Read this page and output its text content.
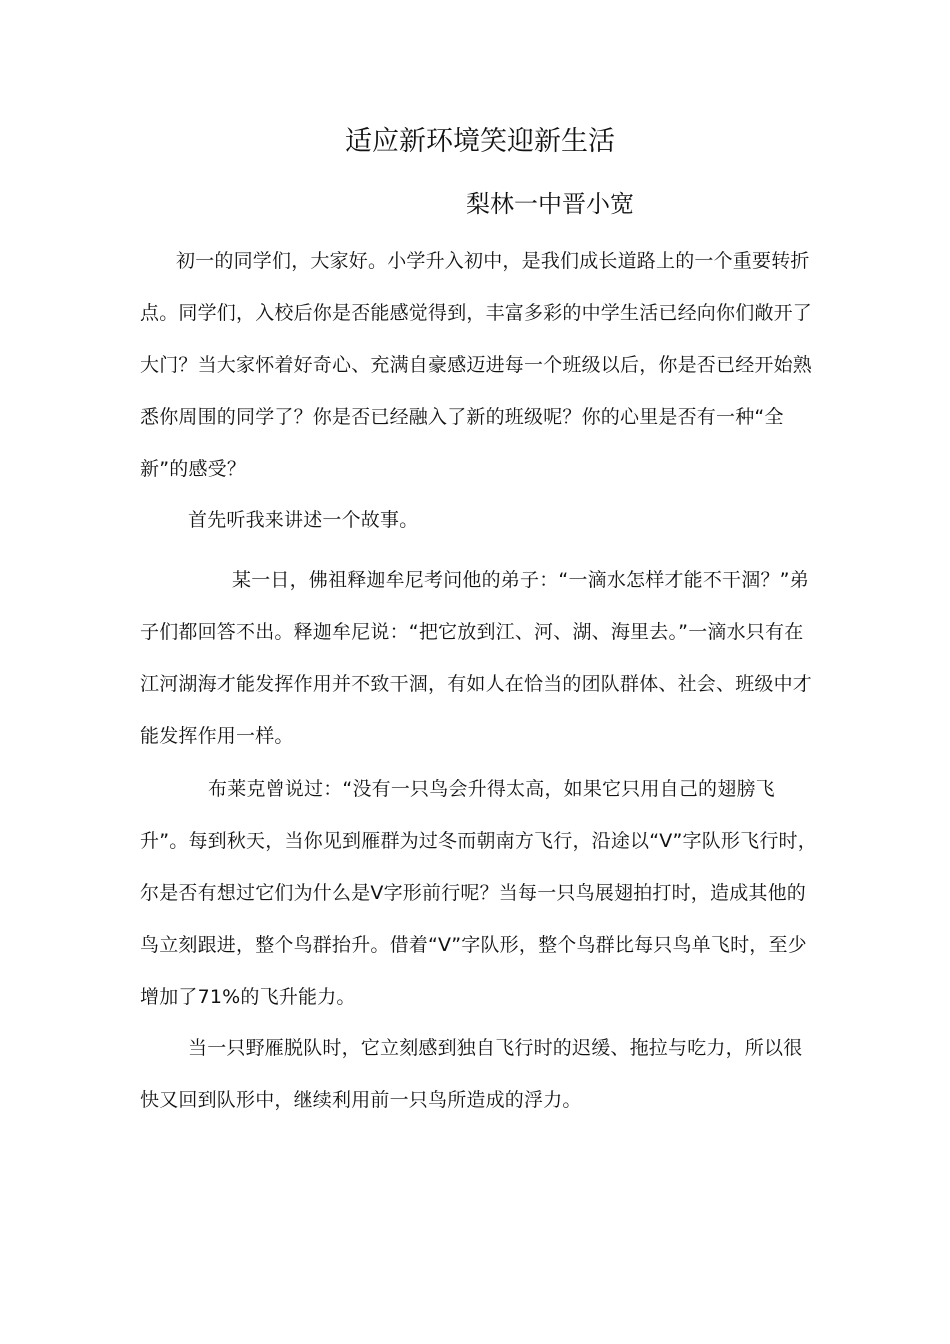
适应新环境笑迎新生活
梨林一中晋小宽

初一的同学们，大家好。小学升入初中，是我们成长道路上的一个重要转折点。同学们，入校后你是否能感觉得到，丰富多彩的中学生活已经向你们敞开了大门？当大家怀着好奇心、充满自豪感迈进每一个班级以后，你是否已经开始熟悉你周围的同学了？你是否已经融入了新的班级呢？你的心里是否有一种“全新”的感受？

首先听我来讲述一个故事。

某一日，佛祖释迦牟尼考问他的弟子：“一滴水怎样才能不干涸？”弟子们都回答不出。释迦牟尼说：“把它放到江、河、湖、海里去。”一滴水只有在江河湖海才能发挥作用并不致干涸，有如人在恰当的团队群体、社会、班级中才能发挥作用一样。

布莱克曾说过：“没有一只鸟会升得太高，如果它只用自己的翅膀飞升”。每到秋天，当你见到雁群为过冬而朝南方飞行，沿途以“V”字队形飞行时，尔是否有想过它们为什么是V字形前行呢？当每一只鸟展翅拍打时，造成其他的鸟立刻跟进，整个鸟群抬升。借着“V”字队形，整个鸟群比每只鸟单飞时，至少增加了71%的飞升能力。

当一只野雁脱队时，它立刻感到独自飞行时的迟缓、拖拉与吃力，所以很快又回到队形中，继续利用前一只鸟所造成的浮力。
